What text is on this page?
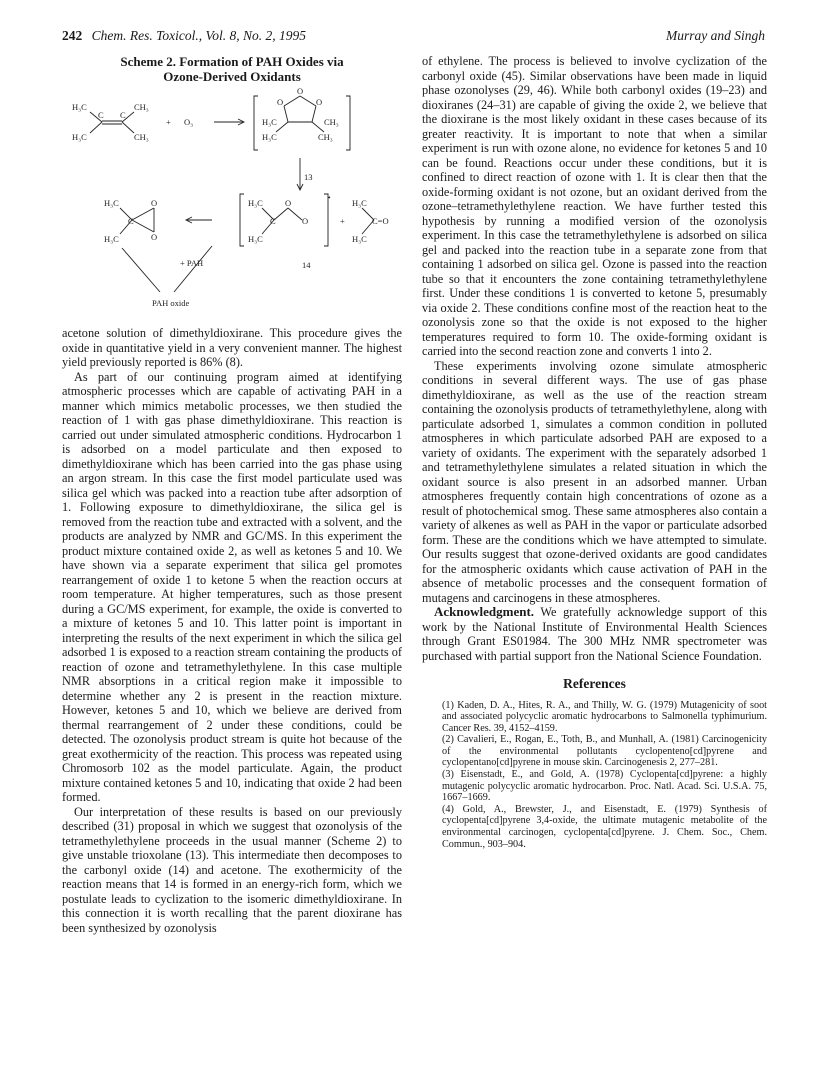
242 Chem. Res. Toxicol., Vol. 8, No. 2, 1995	Murray and Singh

Scheme 2. Formation of PAH Oxides via
Ozone-Derived Oxidants

H₃C	CH₃
C C
H₃C	CH₃
+ O₃
O
O	O
H₃C	CH₃
H₃C	CH₃
13
H₃C
H₃C
C
O
O
•
14
+
H₃C
H₃C
C=O
H₃C
H₃C
C
O
O
+ PAH
PAH oxide

acetone solution of dimethyldioxirane. This procedure gives the oxide in quantitative yield in a very convenient manner. The highest yield previously reported is 86% (8).

As part of our continuing program aimed at identifying atmospheric processes which are capable of activating PAH in a manner which mimics metabolic processes, we then studied the reaction of 1 with gas phase dimethyldioxirane. This reaction is carried out under simulated atmospheric conditions. Hydrocarbon 1 is adsorbed on a model particulate and then exposed to dimethyldioxirane which has been carried into the gas phase using an argon stream. In this case the first model particulate used was silica gel which was packed into a reaction tube after adsorption of 1. Following exposure to dimethyldioxirane, the silica gel is removed from the reaction tube and extracted with a solvent, and the products are analyzed by NMR and GC/MS. In this experiment the product mixture contained oxide 2, as well as ketones 5 and 10. We have shown via a separate experiment that silica gel promotes rearrangement of oxide 1 to ketone 5 when the reaction occurs at room temperature. At higher temperatures, such as those present during a GC/MS experiment, for example, the oxide is converted to a mixture of ketones 5 and 10. This latter point is important in interpreting the results of the next experiment in which the silica gel adsorbed 1 is exposed to a reaction stream containing the products of reaction of ozone and tetramethylethylene. In this case multiple NMR absorptions in a critical region make it impossible to determine whether any 2 is present in the reaction mixture. However, ketones 5 and 10, which we believe are derived from thermal rearrangement of 2 under these conditions, could be detected. The ozonolysis product stream is quite hot because of the great exothermicity of the reaction. This process was repeated using Chromosorb 102 as the model particulate. Again, the product mixture contained ketones 5 and 10, indicating that oxide 2 had been formed.

Our interpretation of these results is based on our previously described (31) proposal in which we suggest that ozonolysis of the tetramethylethylene proceeds in the usual manner (Scheme 2) to give unstable trioxolane (13). This intermediate then decomposes to the carbonyl oxide (14) and acetone. The exothermicity of the reaction means that 14 is formed in an energy-rich form, which we postulate leads to cyclization to the isomeric dimethyldioxirane. In this connection it is worth recalling that the parent dioxirane has been synthesized by ozonolysis

of ethylene. The process is believed to involve cyclization of the carbonyl oxide (45). Similar observations have been made in liquid phase ozonolyses (29, 46). While both carbonyl oxides (19–23) and dioxiranes (24–31) are capable of giving the oxide 2, we believe that the dioxirane is the most likely oxidant in these cases because of its greater reactivity. It is important to note that when a similar experiment is run with ozone alone, no evidence for ketones 5 and 10 can be found. Reactions occur under these conditions, but it is confined to direct reaction of ozone with 1. It is clear then that the oxide-forming oxidant is not ozone, but an oxidant derived from the ozone–tetramethylethylene reaction. We have further tested this hypothesis by running a modified version of the ozonolysis experiment. In this case the tetramethylethylene is adsorbed on silica gel and packed into the reaction tube in a separate zone from that containing 1 adsorbed on silica gel. Ozone is passed into the reaction tube so that it encounters the zone containing tetramethylethylene first. Under these conditions 1 is converted to ketone 5, presumably via oxide 2. These conditions confine most of the reaction heat to the ozonolysis zone so that the oxide is not exposed to the higher temperatures required to form 10. The oxide-forming oxidant is carried into the second reaction zone and converts 1 into 2.

These experiments involving ozone simulate atmospheric conditions in several different ways. The use of gas phase dimethyldioxirane, as well as the use of the reaction stream containing the ozonolysis products of tetramethylethylene, along with particulate adsorbed 1, simulates a common condition in polluted atmospheres in which particulate adsorbed PAH are exposed to a variety of oxidants. The experiment with the separately adsorbed 1 and tetramethylethylene simulates a related situation in which the oxidant source is also present in an adsorbed manner. Urban atmospheres frequently contain high concentrations of ozone as a result of photochemical smog. These same atmospheres also contain a variety of alkenes as well as PAH in the vapor or particulate adsorbed form. These are the conditions which we have attempted to simulate. Our results suggest that ozone-derived oxidants are good candidates for the atmospheric oxidants which cause activation of PAH in the absence of metabolic processes and the consequent formation of mutagens and carcinogens in these atmospheres.

Acknowledgment. We gratefully acknowledge support of this work by the National Institute of Environmental Health Sciences through Grant ES01984. The 300 MHz NMR spectrometer was purchased with partial support fron the National Science Foundation.

References

(1) Kaden, D. A., Hites, R. A., and Thilly, W. G. (1979) Mutagenicity of soot and associated polycyclic aromatic hydrocarbons to Salmonella typhimurium. Cancer Res. 39, 4152–4159.

(2) Cavalieri, E., Rogan, E., Toth, B., and Munhall, A. (1981) Carcinogenicity of the environmental pollutants cyclopenteno[cd]pyrene and cyclopentano[cd]pyrene in mouse skin. Carcinogenesis 2, 277–281.

(3) Eisenstadt, E., and Gold, A. (1978) Cyclopenta[cd]pyrene: a highly mutagenic polycyclic aromatic hydrocarbon. Proc. Natl. Acad. Sci. U.S.A. 75, 1667–1669.

(4) Gold, A., Brewster, J., and Eisenstadt, E. (1979) Synthesis of cyclopenta[cd]pyrene 3,4-oxide, the ultimate mutagenic metabolite of the environmental carcinogen, cyclopenta[cd]pyrene. J. Chem. Soc., Chem. Commun., 903–904.
